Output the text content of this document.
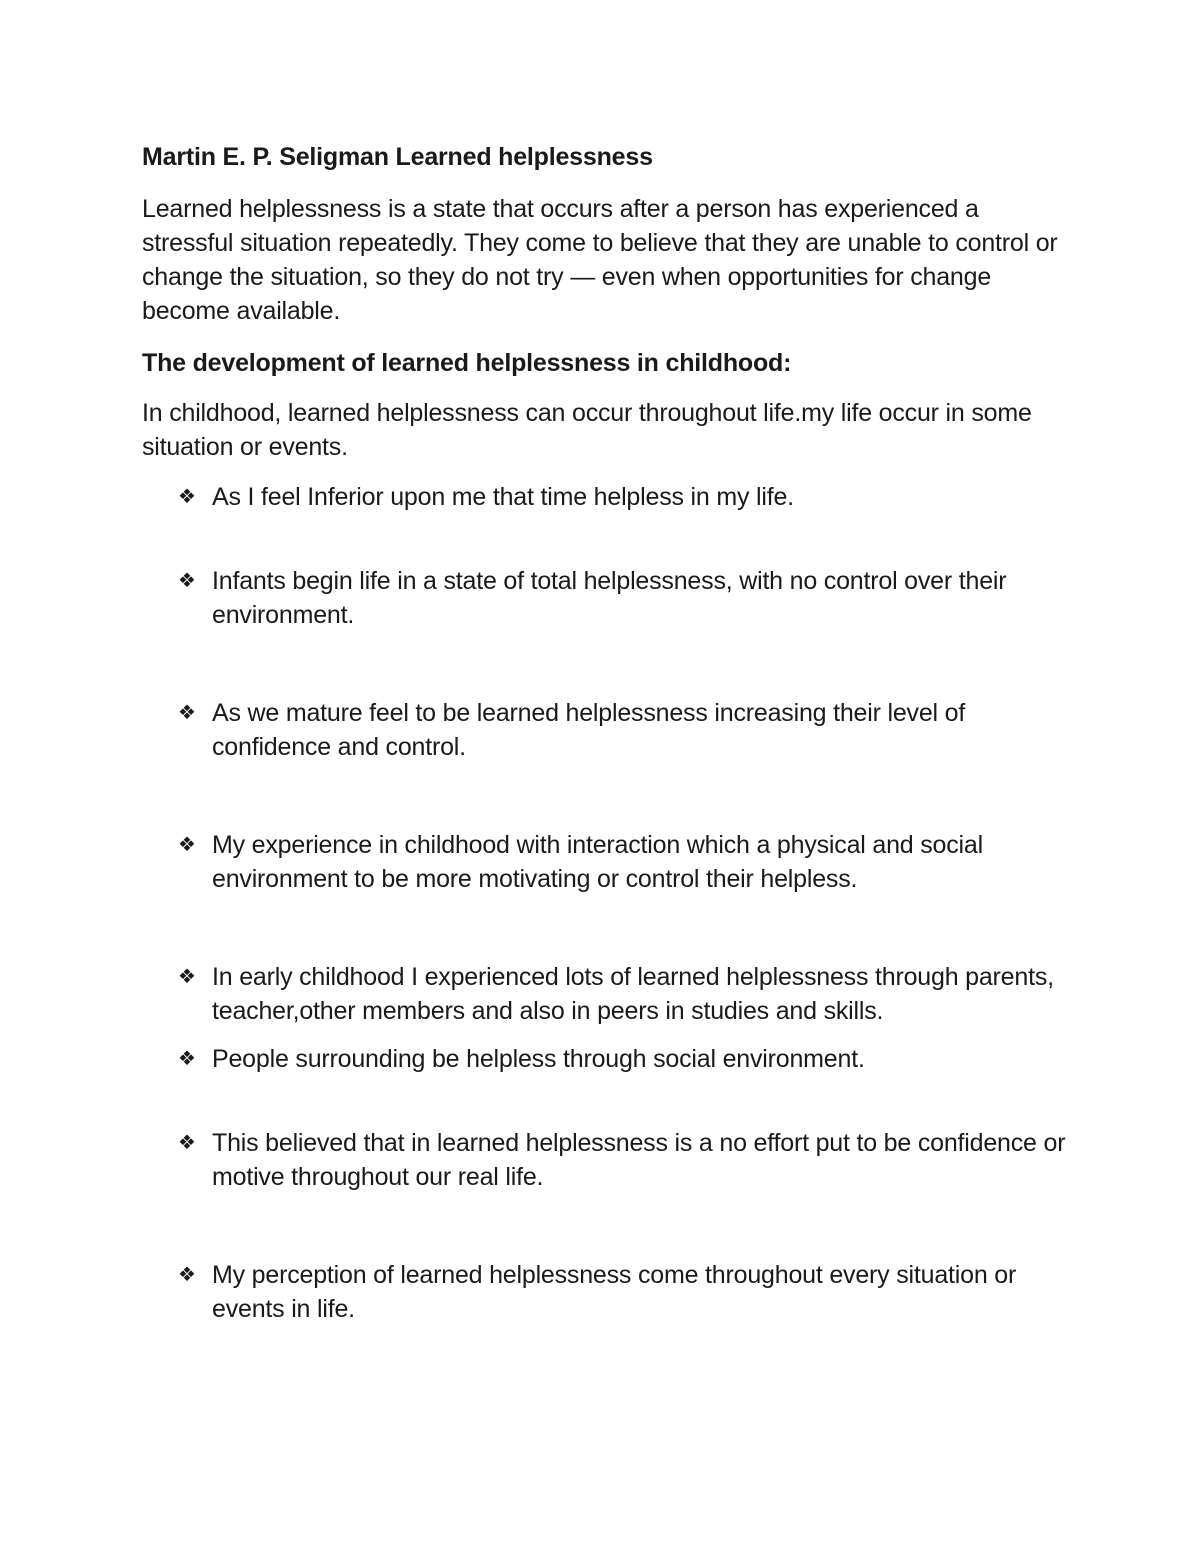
Martin E. P. Seligman Learned helplessness

Learned helplessness is a state that occurs after a person has experienced a stressful situation repeatedly. They come to believe that they are unable to control or change the situation, so they do not try — even when opportunities for change become available.

The development of learned helplessness in childhood:

In childhood, learned helplessness can occur throughout life.my life occur in some situation or events.

❖ As I feel Inferior upon me that time helpless in my life.
❖ Infants begin life in a state of total helplessness, with no control over their environment.
❖ As we mature feel to be learned helplessness increasing their level of confidence and control.
❖ My experience in childhood with interaction which a physical and social environment to be more motivating or control their helpless.
❖ In early childhood I experienced lots of learned helplessness through parents, teacher,other members and also in peers in studies and skills.
❖ People surrounding be helpless through social environment.
❖ This believed that in learned helplessness is a no effort put to be confidence or motive throughout our real life.
❖ My perception of learned helplessness come throughout every situation or events in life.
